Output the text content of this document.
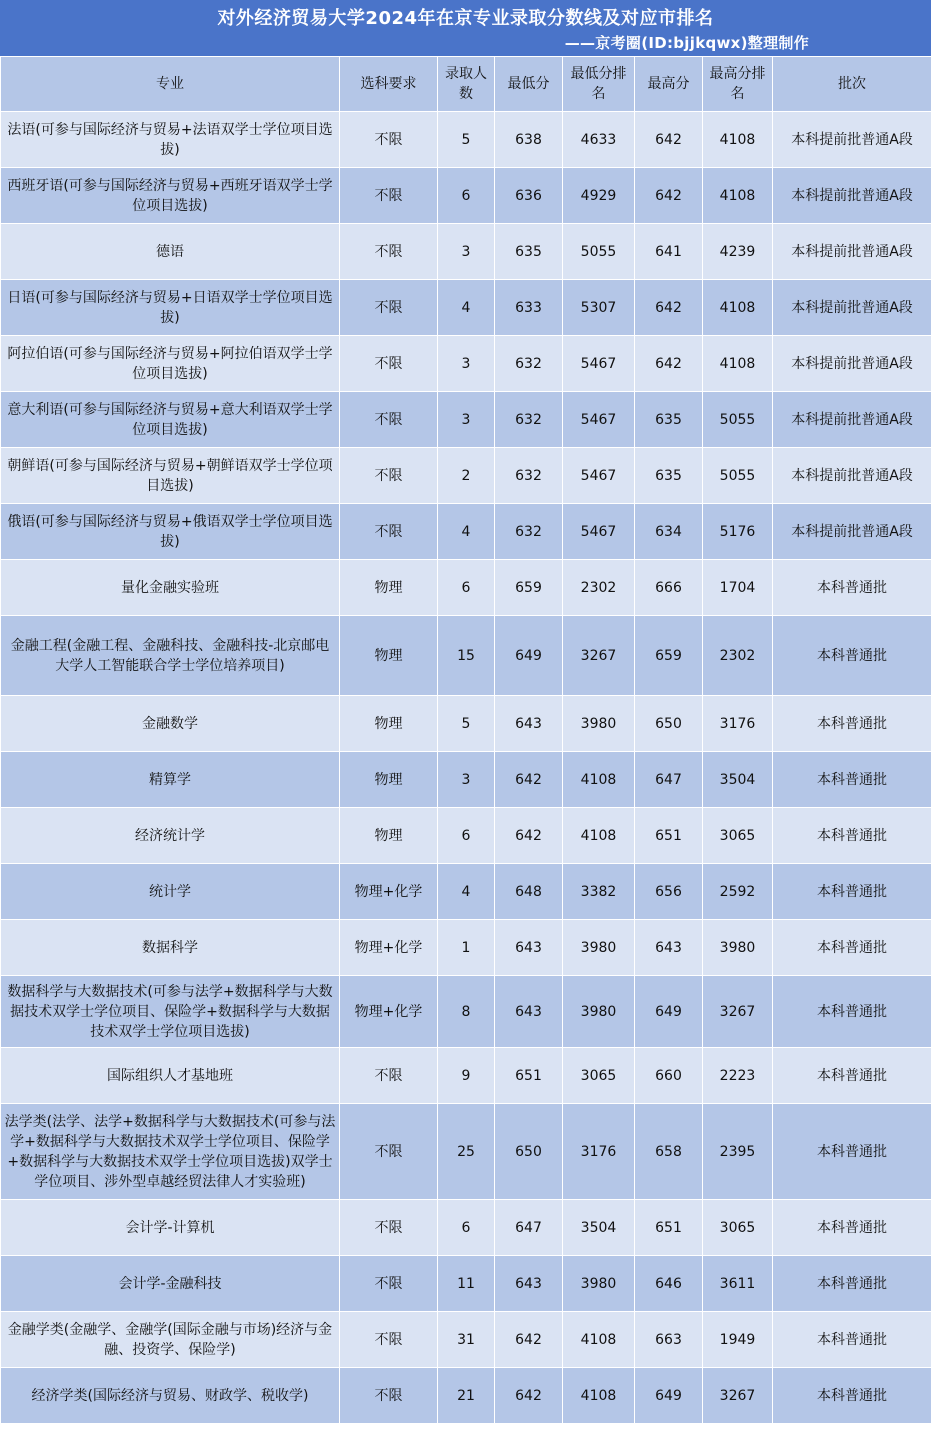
对外经济贸易大学2024年在京专业录取分数线及对应市排名
——京考圈(ID:bjjkqwx)整理制作
专业	选科要求	录取人数	最低分	最低分排名	最高分	最高分排名	批次
法语(可参与国际经济与贸易+法语双学士学位项目选拔)	不限	5	638	4633	642	4108	本科提前批普通A段
西班牙语(可参与国际经济与贸易+西班牙语双学士学位项目选拔)	不限	6	636	4929	642	4108	本科提前批普通A段
德语	不限	3	635	5055	641	4239	本科提前批普通A段
日语(可参与国际经济与贸易+日语双学士学位项目选拔)	不限	4	633	5307	642	4108	本科提前批普通A段
阿拉伯语(可参与国际经济与贸易+阿拉伯语双学士学位项目选拔)	不限	3	632	5467	642	4108	本科提前批普通A段
意大利语(可参与国际经济与贸易+意大利语双学士学位项目选拔)	不限	3	632	5467	635	5055	本科提前批普通A段
朝鲜语(可参与国际经济与贸易+朝鲜语双学士学位项目选拔)	不限	2	632	5467	635	5055	本科提前批普通A段
俄语(可参与国际经济与贸易+俄语双学士学位项目选拔)	不限	4	632	5467	634	5176	本科提前批普通A段
量化金融实验班	物理	6	659	2302	666	1704	本科普通批
金融工程(金融工程、金融科技、金融科技-北京邮电大学人工智能联合学士学位培养项目)	物理	15	649	3267	659	2302	本科普通批
金融数学	物理	5	643	3980	650	3176	本科普通批
精算学	物理	3	642	4108	647	3504	本科普通批
经济统计学	物理	6	642	4108	651	3065	本科普通批
统计学	物理+化学	4	648	3382	656	2592	本科普通批
数据科学	物理+化学	1	643	3980	643	3980	本科普通批
数据科学与大数据技术(可参与法学+数据科学与大数据技术双学士学位项目、保险学+数据科学与大数据技术双学士学位项目选拔)	物理+化学	8	643	3980	649	3267	本科普通批
国际组织人才基地班	不限	9	651	3065	660	2223	本科普通批
法学类(法学、法学+数据科学与大数据技术(可参与法学+数据科学与大数据技术双学士学位项目、保险学+数据科学与大数据技术双学士学位项目选拔)双学士学位项目、涉外型卓越经贸法律人才实验班)	不限	25	650	3176	658	2395	本科普通批
会计学-计算机	不限	6	647	3504	651	3065	本科普通批
会计学-金融科技	不限	11	643	3980	646	3611	本科普通批
金融学类(金融学、金融学(国际金融与市场)经济与金融、投资学、保险学)	不限	31	642	4108	663	1949	本科普通批
经济学类(国际经济与贸易、财政学、税收学)	不限	21	642	4108	649	3267	本科普通批
